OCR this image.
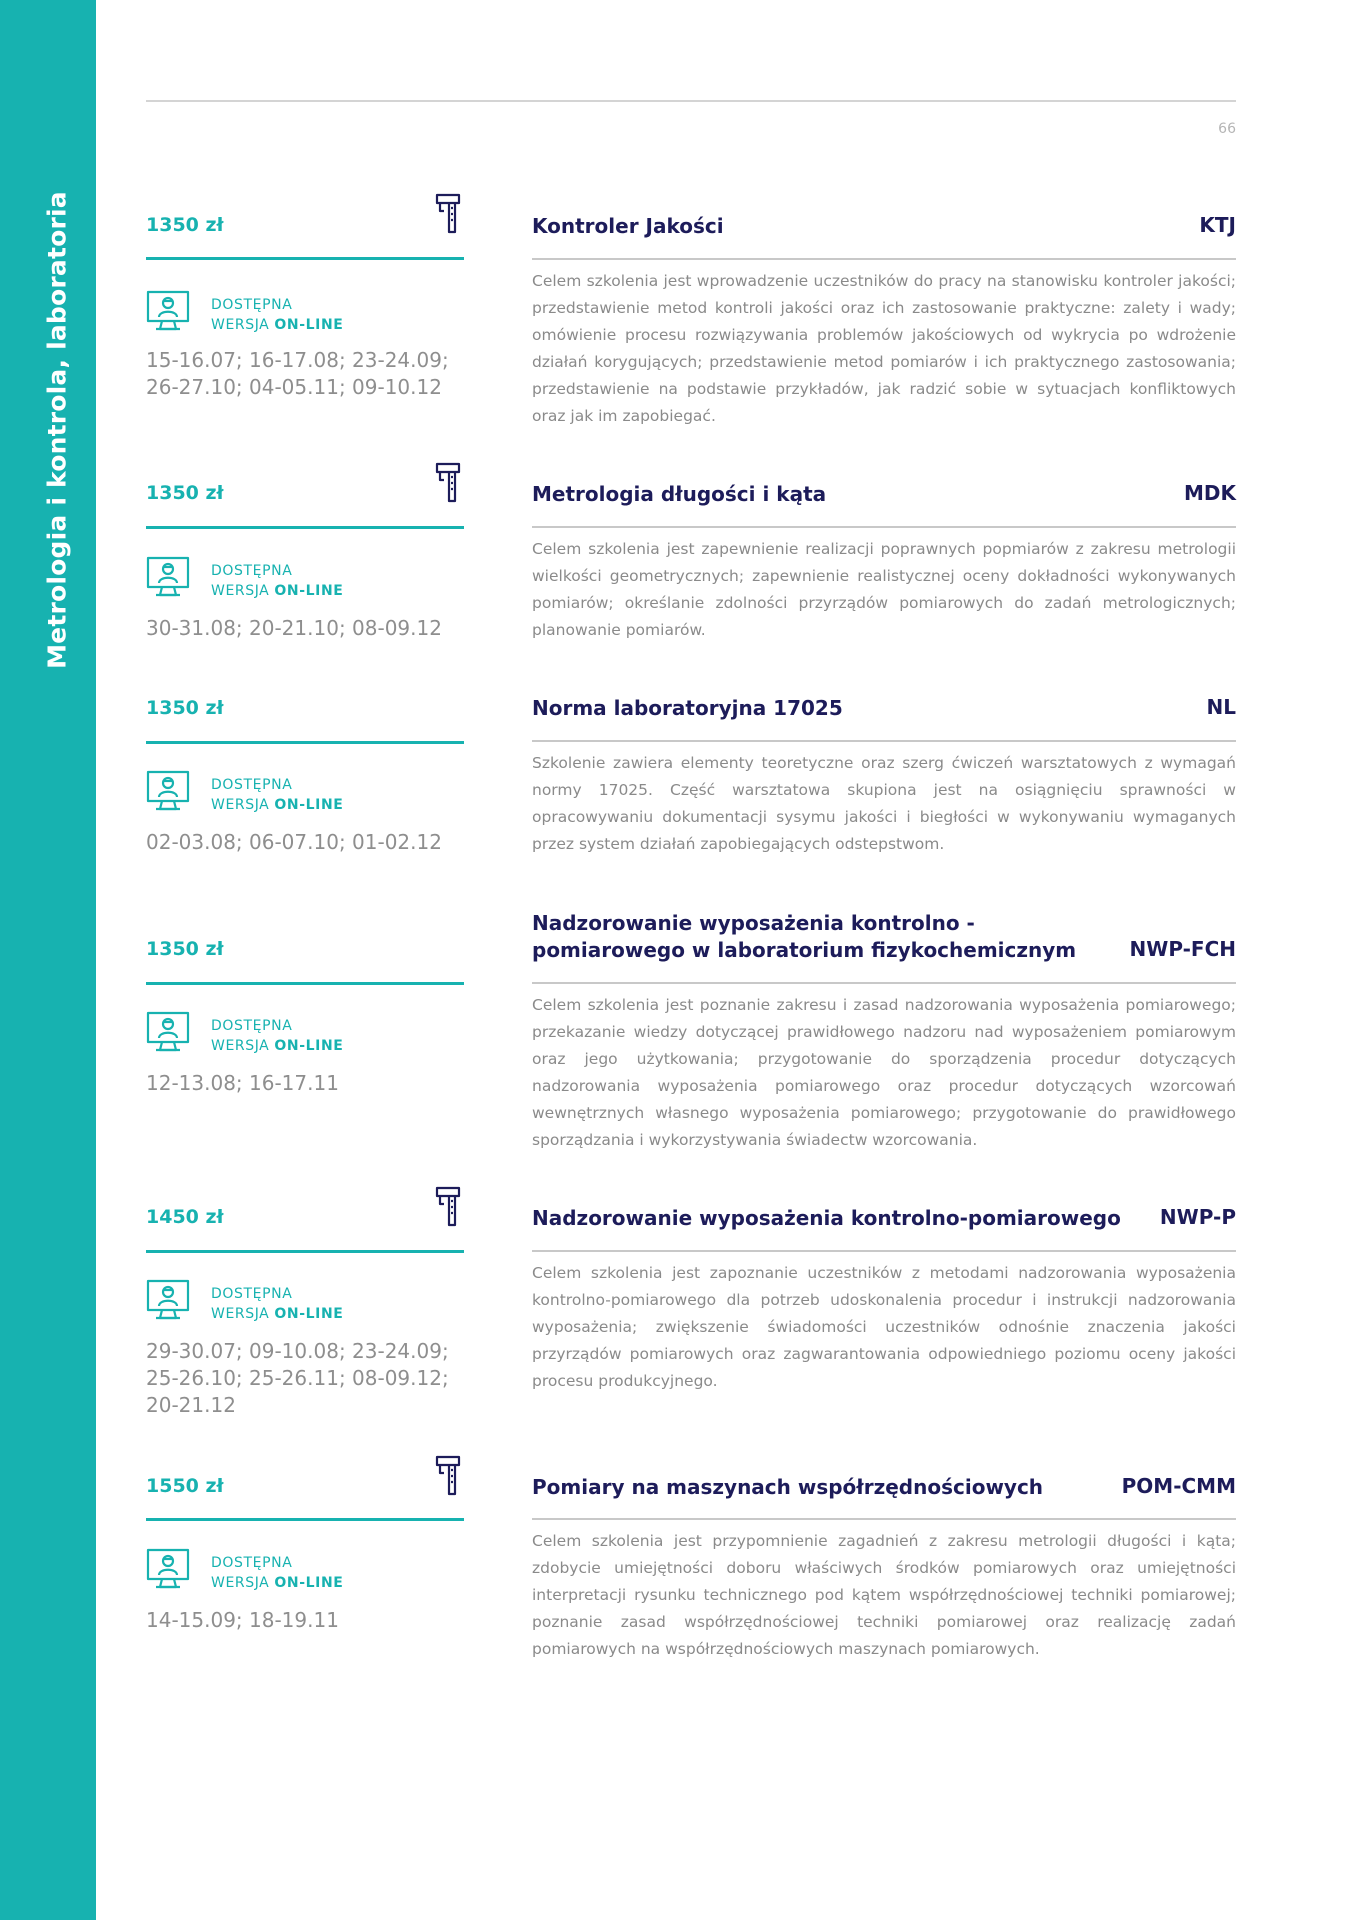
Metrologia i kontrola, laboratoria
66
1350 zł
DOSTĘPNA
WERSJA ON-LINE
15-16.07; 16-17.08; 23-24.09; 26-27.10; 04-05.11; 09-10.12
Kontroler Jakości	KTJ
Celem szkolenia jest wprowadzenie uczestników do pracy na stanowisku kontroler jakości; przedstawienie metod kontroli jakości oraz ich zastosowanie praktyczne: zalety i wady; omówienie procesu rozwiązywania problemów jakościowych od wykrycia po wdrożenie działań korygujących; przedstawienie metod pomiarów i ich praktycznego zastosowania; przedstawienie na podstawie przykładów, jak radzić sobie w sytuacjach konfliktowych oraz jak im zapobiegać.
1350 zł
DOSTĘPNA
WERSJA ON-LINE
30-31.08; 20-21.10; 08-09.12
Metrologia długości i kąta	MDK
Celem szkolenia jest zapewnienie realizacji poprawnych popmiarów z zakresu metrologii wielkości geometrycznych; zapewnienie realistycznej oceny dokładności wykonywanych pomiarów; określanie zdolności przyrządów pomiarowych do zadań metrologicznych; planowanie pomiarów.
1350 zł
DOSTĘPNA
WERSJA ON-LINE
02-03.08; 06-07.10; 01-02.12
Norma laboratoryjna 17025	NL
Szkolenie zawiera elementy teoretyczne oraz szerg ćwiczeń warsztatowych z wymagań normy 17025. Część warsztatowa skupiona jest na osiągnięciu sprawności w opracowywaniu dokumentacji sysymu jakości i biegłości w wykonywaniu wymaganych przez system działań zapobiegających odstepstwom.
1350 zł
DOSTĘPNA
WERSJA ON-LINE
12-13.08; 16-17.11
Nadzorowanie wyposażenia kontrolno - pomiarowego w laboratorium fizykochemicznym	NWP-FCH
Celem szkolenia jest poznanie zakresu i zasad nadzorowania wyposażenia pomiarowego; przekazanie wiedzy dotyczącej prawidłowego nadzoru nad wyposażeniem pomiarowym oraz jego użytkowania; przygotowanie do sporządzenia procedur dotyczących nadzorowania wyposażenia pomiarowego oraz procedur dotyczących wzorcowań wewnętrznych własnego wyposażenia pomiarowego; przygotowanie do prawidłowego sporządzania i wykorzystywania świadectw wzorcowania.
1450 zł
DOSTĘPNA
WERSJA ON-LINE
29-30.07; 09-10.08; 23-24.09; 25-26.10; 25-26.11; 08-09.12; 20-21.12
Nadzorowanie wyposażenia kontrolno-pomiarowego NWP-P
Celem szkolenia jest zapoznanie uczestników z metodami nadzorowania wyposażenia kontrolno-pomiarowego dla potrzeb udoskonalenia procedur i instrukcji nadzorowania wyposażenia; zwiększenie świadomości uczestników odnośnie znaczenia jakości przyrządów pomiarowych oraz zagwarantowania odpowiedniego poziomu oceny jakości procesu produkcyjnego.
1550 zł
DOSTĘPNA
WERSJA ON-LINE
14-15.09; 18-19.11
Pomiary na maszynach współrzędnościowych	POM-CMM
Celem szkolenia jest przypomnienie zagadnień z zakresu metrologii długości i kąta; zdobycie umiejętności doboru właściwych środków pomiarowych oraz umiejętności interpretacji rysunku technicznego pod kątem współrzędnościowej techniki pomiarowej; poznanie zasad współrzędnościowej techniki pomiarowej oraz realizację zadań pomiarowych na współrzędnościowych maszynach pomiarowych.
